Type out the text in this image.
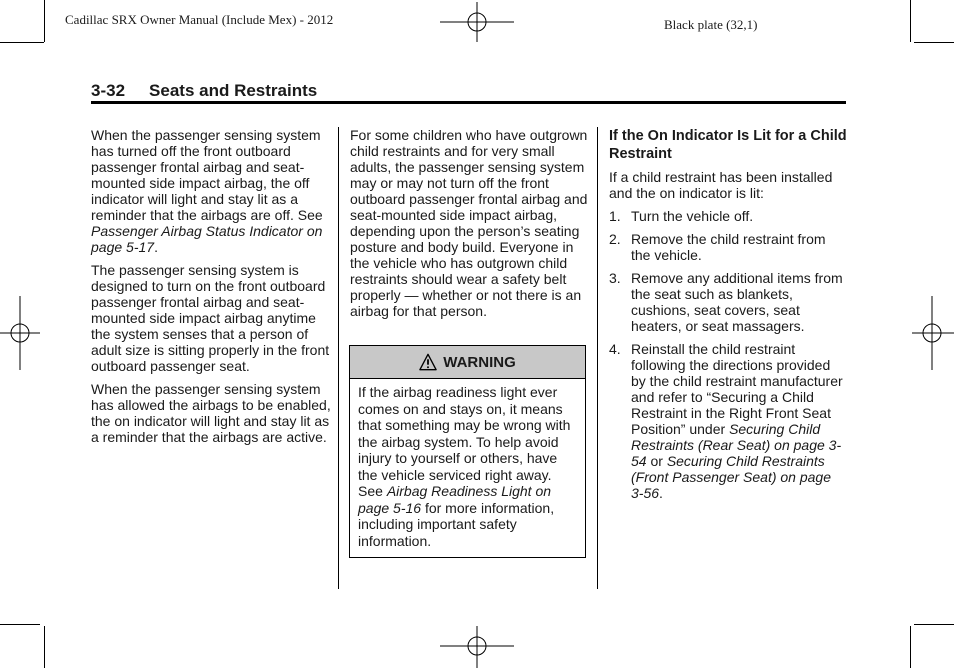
Cadillac SRX Owner Manual (Include Mex) - 2012	Black plate (32,1)
3-32 Seats and Restraints

When the passenger sensing system has turned off the front outboard passenger frontal airbag and seat-mounted side impact airbag, the off indicator will light and stay lit as a reminder that the airbags are off. See Passenger Airbag Status Indicator on page 5-17.

The passenger sensing system is designed to turn on the front outboard passenger frontal airbag and seat-mounted side impact airbag anytime the system senses that a person of adult size is sitting properly in the front outboard passenger seat.

When the passenger sensing system has allowed the airbags to be enabled, the on indicator will light and stay lit as a reminder that the airbags are active.

For some children who have outgrown child restraints and for very small adults, the passenger sensing system may or may not turn off the front outboard passenger frontal airbag and seat-mounted side impact airbag, depending upon the person’s seating posture and body build. Everyone in the vehicle who has outgrown child restraints should wear a safety belt properly — whether or not there is an airbag for that person.

WARNING
If the airbag readiness light ever comes on and stays on, it means that something may be wrong with the airbag system. To help avoid injury to yourself or others, have the vehicle serviced right away. See Airbag Readiness Light on page 5-16 for more information, including important safety information.
If the On Indicator Is Lit for a Child Restraint

If a child restraint has been installed and the on indicator is lit:

1. Turn the vehicle off.
2. Remove the child restraint from the vehicle.
3. Remove any additional items from the seat such as blankets, cushions, seat covers, seat heaters, or seat massagers.
4. Reinstall the child restraint following the directions provided by the child restraint manufacturer and refer to “Securing a Child Restraint in the Right Front Seat Position” under Securing Child Restraints (Rear Seat) on page 3-54 or Securing Child Restraints (Front Passenger Seat) on page 3-56.
